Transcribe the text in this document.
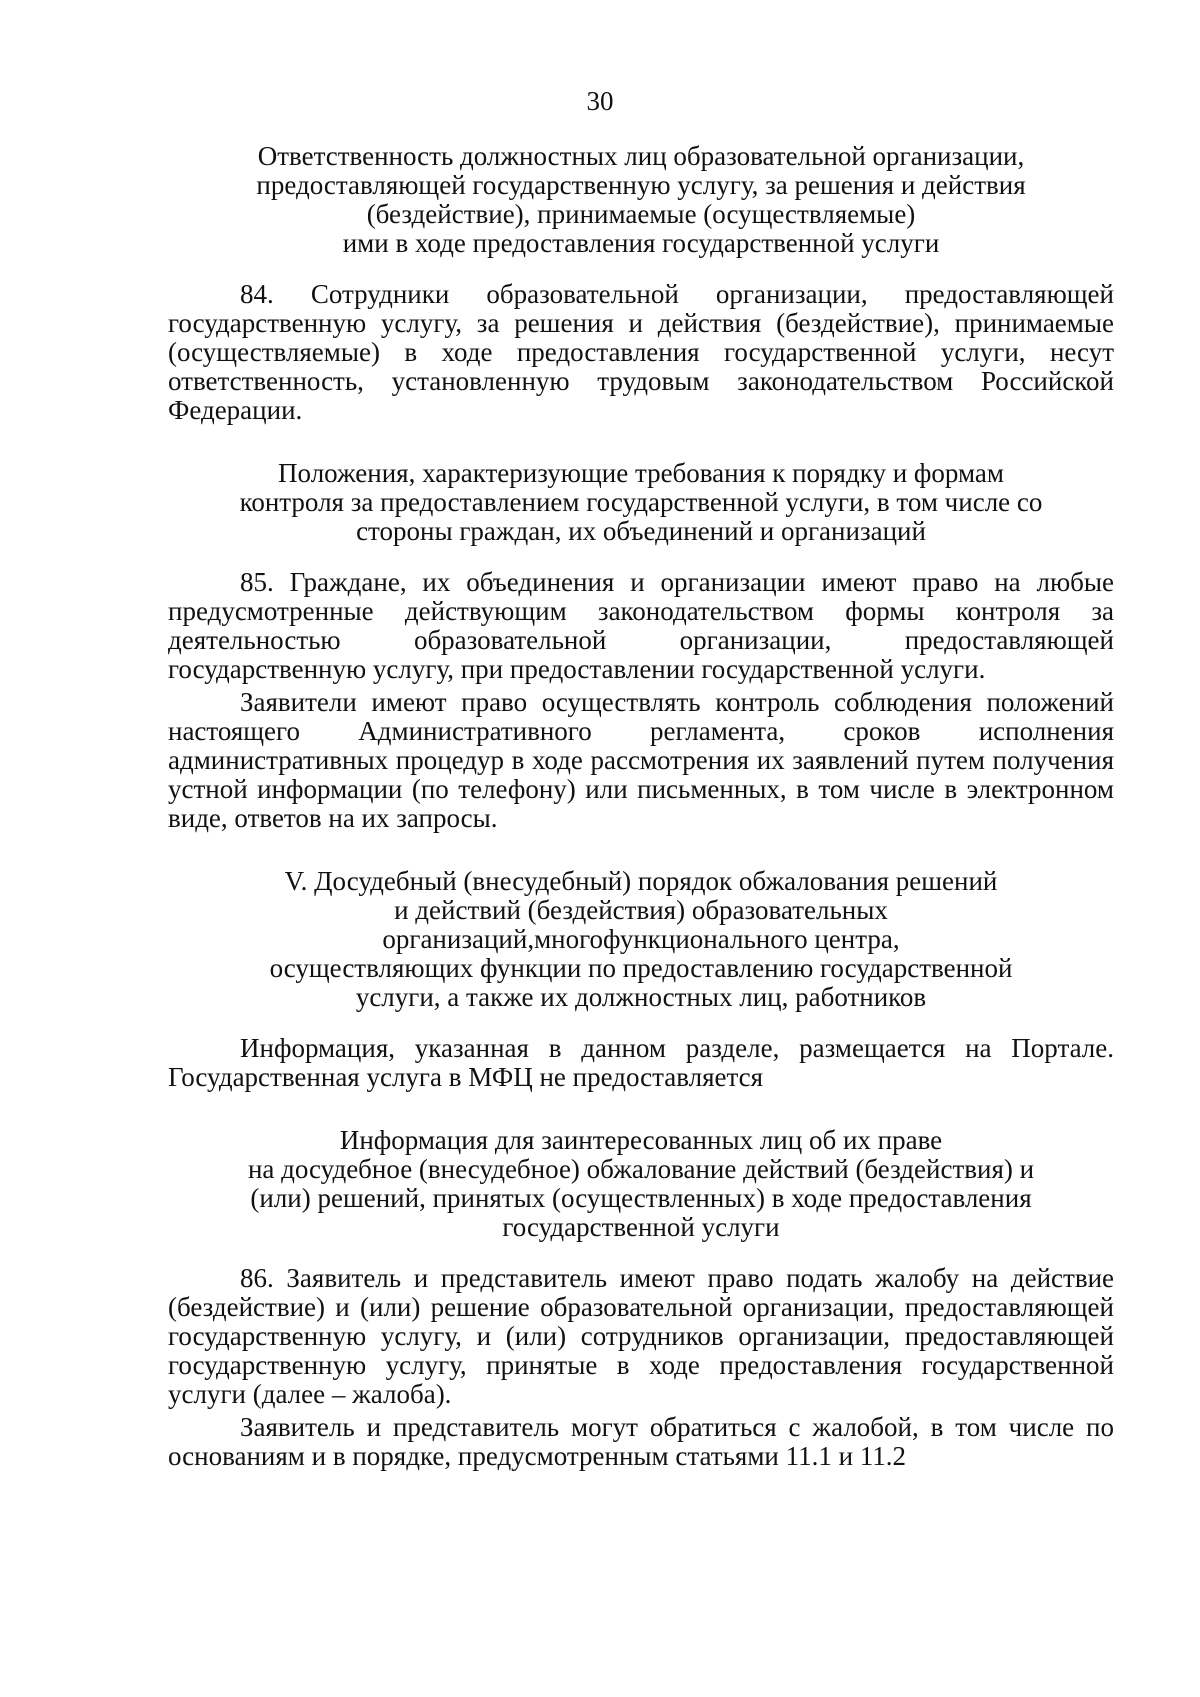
30

Ответственность должностных лиц образовательной организации,

предоставляющей государственную услугу, за решения и действия

(бездействие), принимаемые (осуществляемые)

ими в ходе предоставления государственной услуги

84. Сотрудники образовательной организации, предоставляющей государственную услугу, за решения и действия (бездействие), принимаемые (осуществляемые) в ходе предоставления государственной услуги, несут ответственность, установленную трудовым законодательством Российской Федерации.

Положения, характеризующие требования к порядку и формам

контроля за предоставлением государственной услуги, в том числе со

стороны граждан, их объединений и организаций

85. Граждане, их объединения и организации имеют право на любые предусмотренные действующим законодательством формы контроля за деятельностью образовательной организации, предоставляющей государственную услугу, при предоставлении государственной услуги.

Заявители имеют право осуществлять контроль соблюдения положений настоящего Административного регламента, сроков исполнения административных процедур в ходе рассмотрения их заявлений путем получения устной информации (по телефону) или письменных, в том числе в электронном виде, ответов на их запросы.

V. Досудебный (внесудебный) порядок обжалования решений

и действий (бездействия) образовательных

организаций,многофункционального центра,

осуществляющих функции по предоставлению государственной

услуги, а также их должностных лиц, работников

Информация, указанная в данном разделе, размещается на Портале. Государственная услуга в МФЦ не предоставляется

Информация для заинтересованных лиц об их праве

на досудебное (внесудебное) обжалование действий (бездействия) и

(или) решений, принятых (осуществленных) в ходе предоставления

государственной услуги

86. Заявитель и представитель имеют право подать жалобу на действие (бездействие) и (или) решение образовательной организации, предоставляющей государственную услугу, и (или) сотрудников организации, предоставляющей государственную услугу, принятые в ходе предоставления государственной услуги (далее – жалоба).

Заявитель и представитель могут обратиться с жалобой, в том числе по основаниям и в порядке, предусмотренным статьями 11.1 и 11.2
